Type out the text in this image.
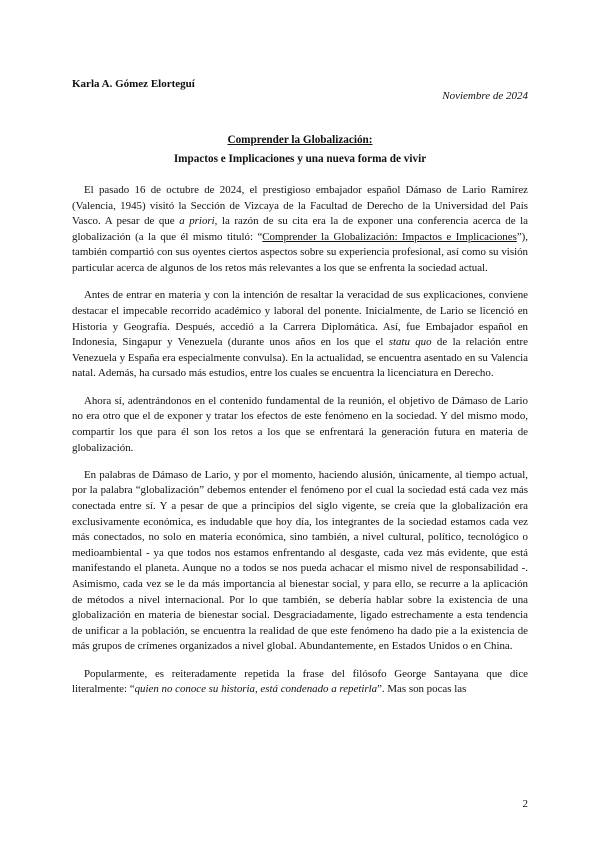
Karla A. Gómez Elorteguí
Noviembre de 2024
Comprender la Globalización:
Impactos e Implicaciones y una nueva forma de vivir

El pasado 16 de octubre de 2024, el prestigioso embajador español Dámaso de Lario Ramírez (Valencia, 1945) visitó la Sección de Vizcaya de la Facultad de Derecho de la Universidad del País Vasco. A pesar de que a priori, la razón de su cita era la de exponer una conferencia acerca de la globalización (a la que él mismo tituló: “Comprender la Globalización: Impactos e Implicaciones”), también compartió con sus oyentes ciertos aspectos sobre su experiencia profesional, así como su visión particular acerca de algunos de los retos más relevantes a los que se enfrenta la sociedad actual.

Antes de entrar en materia y con la intención de resaltar la veracidad de sus explicaciones, conviene destacar el impecable recorrido académico y laboral del ponente. Inicialmente, de Lario se licenció en Historia y Geografía. Después, accedió a la Carrera Diplomática. Así, fue Embajador español en Indonesia, Singapur y Venezuela (durante unos años en los que el statu quo de la relación entre Venezuela y España era especialmente convulsa). En la actualidad, se encuentra asentado en su Valencia natal. Además, ha cursado más estudios, entre los cuales se encuentra la licenciatura en Derecho.

Ahora sí, adentrándonos en el contenido fundamental de la reunión, el objetivo de Dámaso de Lario no era otro que el de exponer y tratar los efectos de este fenómeno en la sociedad. Y del mismo modo, compartir los que para él son los retos a los que se enfrentará la generación futura en materia de globalización.

En palabras de Dámaso de Lario, y por el momento, haciendo alusión, únicamente, al tiempo actual, por la palabra “globalización” debemos entender el fenómeno por el cual la sociedad está cada vez más conectada entre sí. Y a pesar de que a principios del siglo vigente, se creía que la globalización era exclusivamente económica, es indudable que hoy día, los integrantes de la sociedad estamos cada vez más conectados, no solo en materia económica, sino también, a nivel cultural, político, tecnológico o medioambiental - ya que todos nos estamos enfrentando al desgaste, cada vez más evidente, que está manifestando el planeta. Aunque no a todos se nos pueda achacar el mismo nivel de responsabilidad -. Asimismo, cada vez se le da más importancia al bienestar social, y para ello, se recurre a la aplicación de métodos a nivel internacional. Por lo que también, se debería hablar sobre la existencia de una globalización en materia de bienestar social. Desgraciadamente, ligado estrechamente a esta tendencia de unificar a la población, se encuentra la realidad de que este fenómeno ha dado pie a la existencia de más grupos de crímenes organizados a nivel global. Abundantemente, en Estados Unidos o en China.

Popularmente, es reiteradamente repetida la frase del filósofo George Santayana que dice literalmente: “quien no conoce su historia, está condenado a repetirla”. Mas son pocas las

2
